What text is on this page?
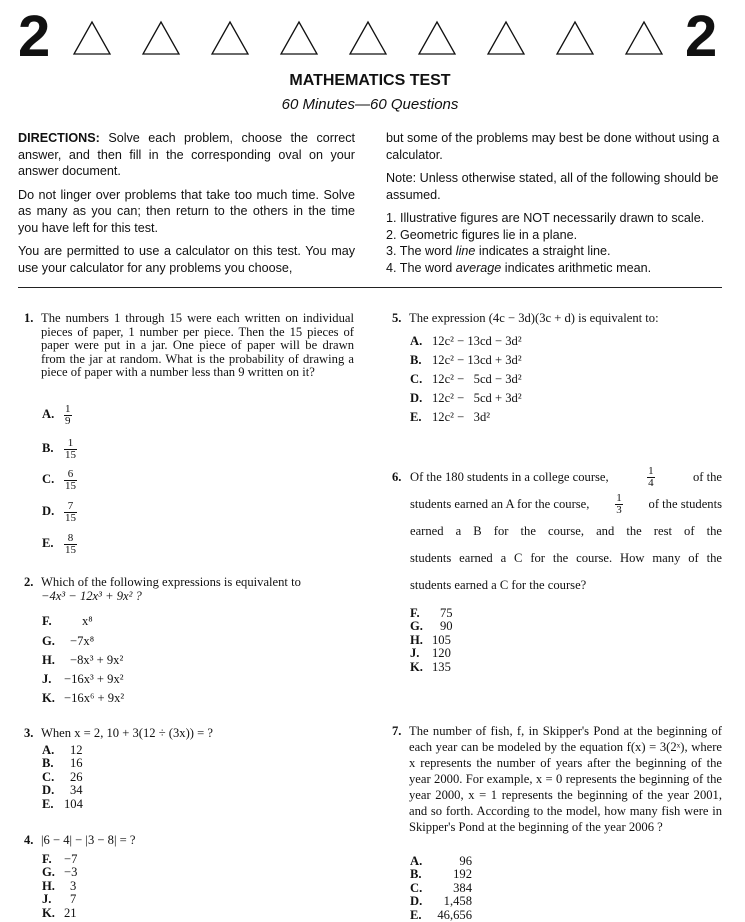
2	2
MATHEMATICS TEST
60 Minutes—60 Questions

DIRECTIONS: Solve each problem, choose the correct answer, and then fill in the corresponding oval on your answer document.

Do not linger over problems that take too much time. Solve as many as you can; then return to the others in the time you have left for this test.

You are permitted to use a calculator on this test. You may use your calculator for any problems you choose,

but some of the problems may best be done without using a calculator.

Note: Unless otherwise stated, all of the following should be assumed.

1. Illustrative figures are NOT necessarily drawn to scale.
2. Geometric figures lie in a plane.
3. The word line indicates a straight line.
4. The word average indicates arithmetic mean.
1. The numbers 1 through 15 were each written on individual pieces of paper, 1 number per piece. Then the 15 pieces of paper were put in a jar. One piece of paper will be drawn from the jar at random. What is the probability of drawing a piece of paper with a number less than 9 written on it?
A. $\frac{1}{9}$
B. $\frac{1}{15}$
C. $\frac{6}{15}$
D. $\frac{7}{15}$
E. $\frac{8}{15}$
2. Which of the following expressions is equivalent to
−4x³ − 12x³ + 9x² ?
F. x⁸
G. −7x⁸
H. −8x³ + 9x²
J. −16x³ + 9x²
K. −16x⁶ + 9x²
3. When x = 2, 10 + 3(12 ÷ (3x)) = ?
A. 12
B. 16
C. 26
D. 34
E. 104
4. |6 − 4| − |3 − 8| = ?
F. −7
G. −3
H. 3
J. 7
K. 21
5. The expression (4c − 3d)(3c + d) is equivalent to:
A. 12c² − 13cd − 3d²
B. 12c² − 13cd + 3d²
C. 12c² −   5cd − 3d²
D. 12c² −   5cd + 3d²
E. 12c² −   3d²
6. Of the 180 students in a college course,	$\frac{1}{4}$	of the
students earned an A for the course, $\frac{1}{3}$ of the students
earned a B for the course, and the rest of the
students earned a C for the course. How many of the
students earned a C for the course?
F. 75
G. 90
H. 105
J. 120
K. 135
7. The number of fish, f, in Skipper's Pond at the beginning of each year can be modeled by the equation f(x) = 3(2ˣ), where x represents the number of years after the beginning of the year 2000. For example, x = 0 represents the beginning of the year 2000, x = 1 represents the beginning of the year 2001, and so forth. According to the model, how many fish were in Skipper's Pond at the beginning of the year 2006 ?
A.	96
B.	192
C. 384
D. 1,458
E. 46,656
